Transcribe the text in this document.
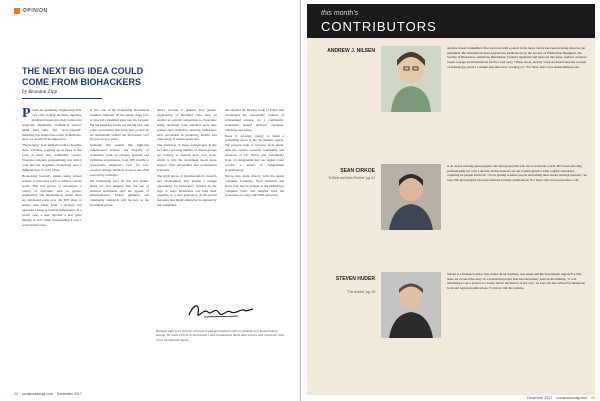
OPINION
THE NEXT BIG IDEA COULD COME FROM BIOHACKERS
by Brandon Zipp

People are genuinely engineering their own cells in their kitchens, injecting modified viruses into their bodies and surgically implanting biomedical sensors under their skin. The "do-it-yourself" mentality has entered the realm of medicine. And, we should all be supportive.

"Biohacking" is an umbrella term to describe these activities, popping up in news in the form of many new community centers. Whereas computer programming was digital code into the programs, biohacking uses a different type of code: DNA.

Biohacking basically means using citizen science to turn one's body to achieve certain goals. This has grown to encompass a variety of activities, such as genetic engineering and implantation, which often are implanted parts over the DIY shop to ensure that ideas from a biology lab represent a more accessible temperature. In a recent case, a man injected a new gene therapy in 2017 while livestreaming it over a social media video.

In fact, one of the biohacking movements founders famously on the public stage how he injected a modified gene into his forearm. But the inspiring stories are the big labs, and larger universities that have also picked up the momentum behind the movement over the past several years.

Although this sounds like high-risk homebrewed science, the majority of biohackers work on creative projects and legitimate experiments, from DIY insulin to open-source diagnostic tools for low-resource settings. Medical progress has often been led by outsiders.

But biohacking isn't all fun and games. There are real dangers, like the use of untested treatments and the spread of misinformation. Proper guidance and community standards will be key as the movement grows.

dustry because it enables way genetic engineering of modified cells. And an attempt at a global competition to create new living machines with standard parts like sensors and oscillators. Already, biohackers have succeeded in producing insulin and other drugs in simple home labs.

The challenge of these technologies is the fact that a growing number of citizen groups are looking to explore their own work, which is why the movement needs more support from universities and professional scientists.

The high prices of pharmaceutical research and development may present a unique opportunity for biohackers. Spurred by the urge to help, biohackers can lend their expertise to a new generation of lab-grown therapies that might otherwise be ignored by big companies.

and adopted the DIYbio Code of Ethics that encouraged the responsible conduct of independent science. As a community, biohackers should embrace openness, education and safety.

There is growing energy to build a biohacking space in the Sacramento region. Our projects help to increase local talent. With the creative research community and resources at UC Davis and Sacramento State, it's imaginable that our region could become a leader in independent biotechnology.

Before they made history with the Apple Computer Company, Steve Wozniak and Steve Jobs met in garages at the Homebrew Computer Club. Just imagine what the biohackers of today will build tomorrow.

Brandon Zipp is the director of research and development, and a co-founder of a biotechnology startup. He holds a Ph.D. in biochemistry and is passionate about open science and community labs in the Sacramento region.
20 comstocksmag.com December 2017
this month's
CONTRIBUTORS
ANDREW J. NILSEN	Andrew doesn't remember if he was born with a pencil in his hand, but he has been drawing since he can remember. His illustrations have appeared in publications by the Society of Publication Designers, the Society of Illustrators, American Illustration, Creative Quarterly and more. In this issue, Andrew created a visual concept and illustrations for the cover story "These doors, and my work at present uses the concept of technology, and it's a simple idea that we're working on." For more visit www.andrewjnilsen.com.
SEAN CIRKOE
"A Wine and Dine Review" pg. 42
is an award-winning photographer and photojournalist who has traveled the world. He's been shooting professionally for over a decade. In this issue he set out to photograph a wine country restaurant, capturing its people and food. "I love getting to know people and telling their stories through pictures," he says. His photography has been featured in many publications. For more visit www.seancirkoe.com.
STEVEN HUDER
"The Anchor" pg. 28
Steven is a freelance writer who writes about business, real estate and the Sacramento region. For this issue, he covered the story of a downtown project that has been many years in the making. "It was refreshing to see a project so closely tied to the history of the city," he says. He has written for numerous local and regional publications. For more visit his website.
December 2017 comstocksmag.com 21
